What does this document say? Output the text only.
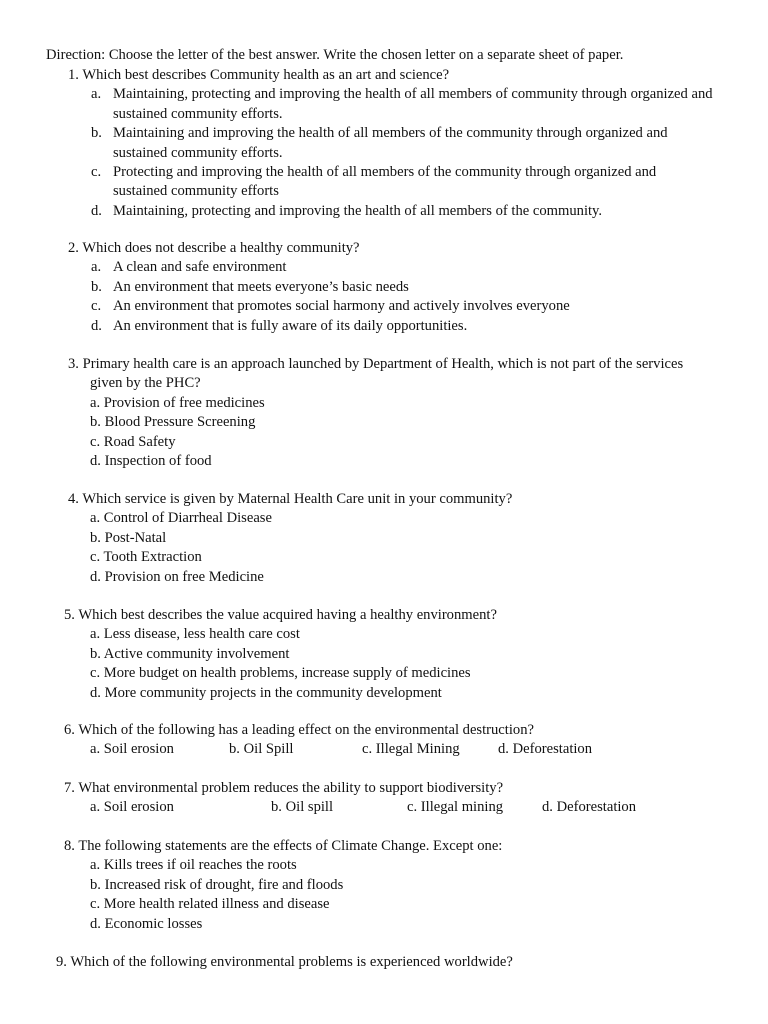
Direction: Choose the letter of the best answer. Write the chosen letter on a separate sheet of paper.
1. Which best describes Community health as an art and science?
a. Maintaining, protecting and improving the health of all members of community through organized and sustained community efforts.
b. Maintaining and improving the health of all members of the community through organized and sustained community efforts.
c. Protecting and improving the health of all members of the community through organized and sustained community efforts
d. Maintaining, protecting and improving the health of all members of the community.
2. Which does not describe a healthy community?
a. A clean and safe environment
b. An environment that meets everyone’s basic needs
c. An environment that promotes social harmony and actively involves everyone
d. An environment that is fully aware of its daily opportunities.
3. Primary health care is an approach launched by Department of Health, which is not part of the services
given by the PHC?
a. Provision of free medicines
b. Blood Pressure Screening
c. Road Safety
d. Inspection of food
4. Which service is given by Maternal Health Care unit in your community?
a. Control of Diarrheal Disease
b. Post-Natal
c. Tooth Extraction
d. Provision on free Medicine
5. Which best describes the value acquired having a healthy environment?
a. Less disease, less health care cost
b. Active community involvement
c. More budget on health problems, increase supply of medicines
d. More community projects in the community development
6. Which of the following has a leading effect on the environmental destruction?
a. Soil erosion	b. Oil Spill	c. Illegal Mining	d. Deforestation
7. What environmental problem reduces the ability to support biodiversity?
a. Soil erosion	b. Oil spill	c. Illegal mining	d. Deforestation
8. The following statements are the effects of Climate Change. Except one:
a. Kills trees if oil reaches the roots
b. Increased risk of drought, fire and floods
c. More health related illness and disease
d. Economic losses
9. Which of the following environmental problems is experienced worldwide?
